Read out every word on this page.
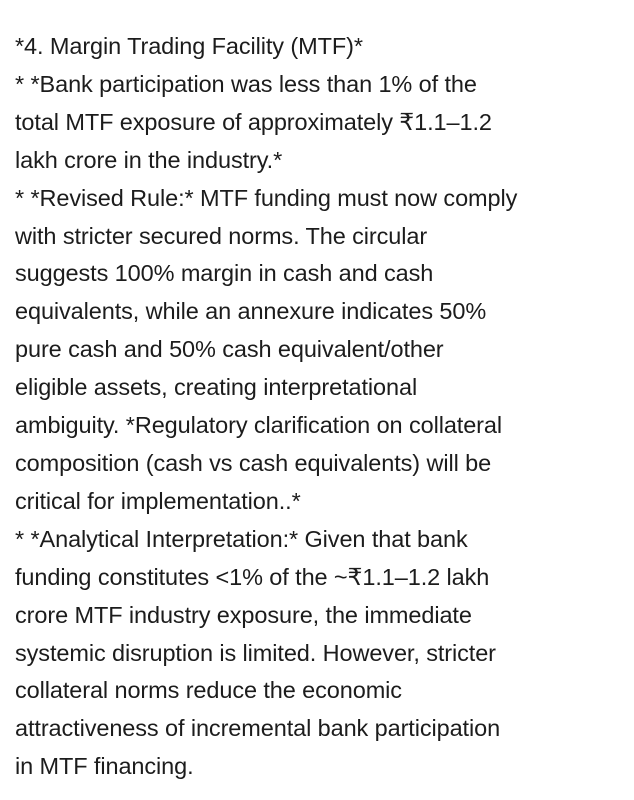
*4. Margin Trading Facility (MTF)*
* *Bank participation was less than 1% of the
total MTF exposure of approximately ₹1.1–1.2
lakh crore in the industry.*
* *Revised Rule:* MTF funding must now comply
with stricter secured norms. The circular
suggests 100% margin in cash and cash
equivalents, while an annexure indicates 50%
pure cash and 50% cash equivalent/other
eligible assets, creating interpretational
ambiguity. *Regulatory clarification on collateral
composition (cash vs cash equivalents) will be
critical for implementation..*
* *Analytical Interpretation:* Given that bank
funding constitutes <1% of the ~₹1.1–1.2 lakh
crore MTF industry exposure, the immediate
systemic disruption is limited. However, stricter
collateral norms reduce the economic
attractiveness of incremental bank participation
in MTF financing.
